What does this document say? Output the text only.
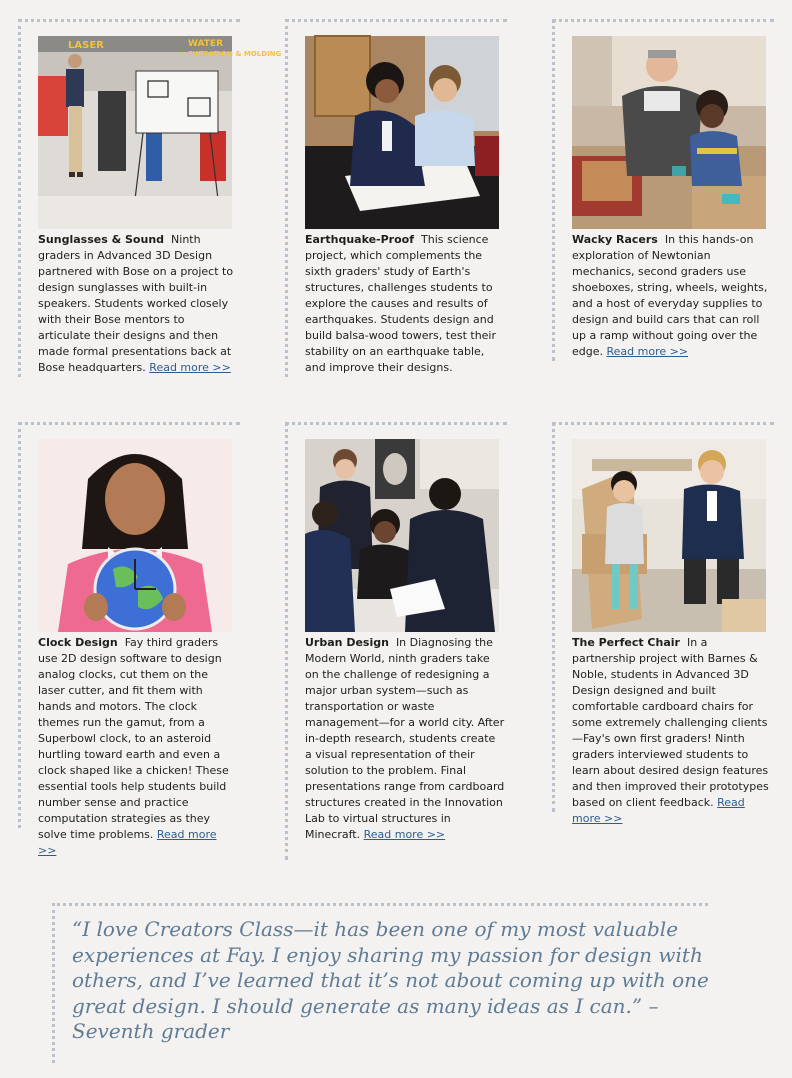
LASER	WATER
FILTRATION & MOLDING
Sunglasses & Sound Ninth graders in Advanced 3D Design partnered with Bose on a project to design sunglasses with built-in speakers. Students worked closely with their Bose mentors to articulate their designs and then made formal presentations back at Bose headquarters. Read more >>
Earthquake-Proof This science project, which complements the sixth graders' study of Earth's structures, challenges students to explore the causes and results of earthquakes. Students design and build balsa-wood towers, test their stability on an earthquake table, and improve their designs.
Wacky Racers In this hands-on exploration of Newtonian mechanics, second graders use shoeboxes, string, wheels, weights, and a host of everyday supplies to design and build cars that can roll up a ramp without going over the edge. Read more >>
Clock Design Fay third graders use 2D design software to design analog clocks, cut them on the laser cutter, and fit them with hands and motors. The clock themes run the gamut, from a Superbowl clock, to an asteroid hurtling toward earth and even a clock shaped like a chicken! These essential tools help students build number sense and practice computation strategies as they solve time problems. Read more >>
Urban Design In Diagnosing the Modern World, ninth graders take on the challenge of redesigning a major urban system—such as transportation or waste management—for a world city. After in-depth research, students create a visual representation of their solution to the problem. Final presentations range from cardboard structures created in the Innovation Lab to virtual structures in Minecraft. Read more >>
The Perfect Chair In a partnership project with Barnes & Noble, students in Advanced 3D Design designed and built comfortable cardboard chairs for some extremely challenging clients—Fay's own first graders! Ninth graders interviewed students to learn about desired design features and then improved their prototypes based on client feedback. Read more >>
“I love Creators Class—it has been one of my most valuable experiences at Fay. I enjoy sharing my passion for design with others, and I’ve learned that it’s not about coming up with one great design. I should generate as many ideas as I can.” – Seventh grader
